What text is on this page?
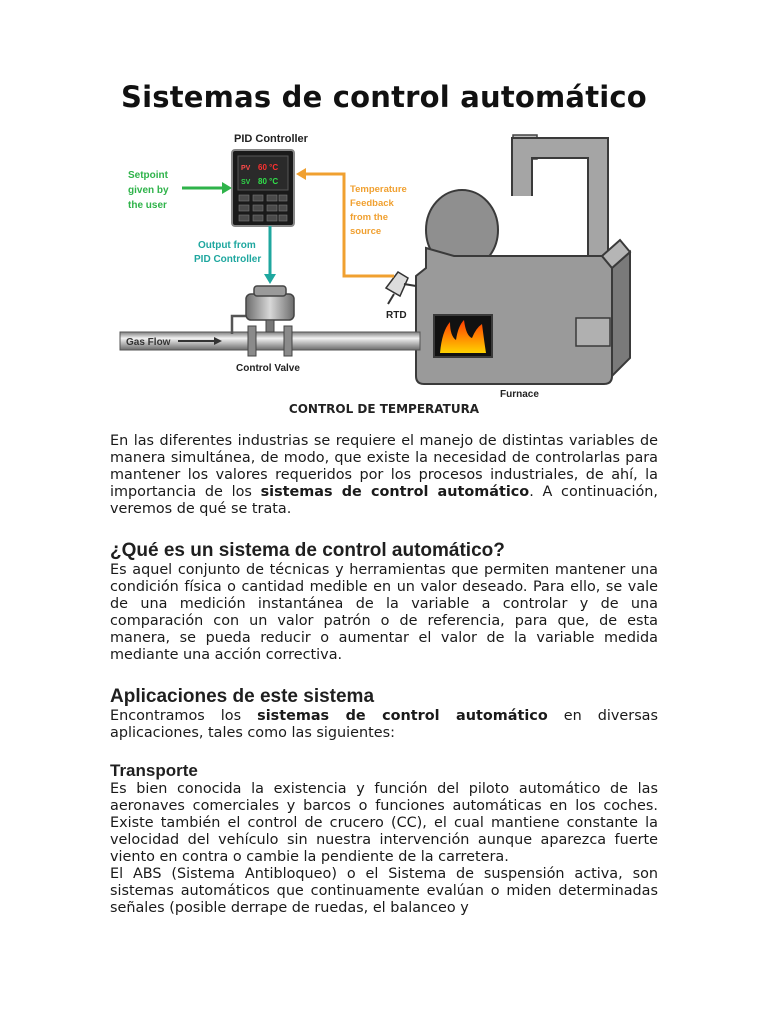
Sistemas de control automático
Furnace
Gas Flow
Control Valve
RTD
PID Controller
PV 60 °C
SV 80 °C
Setpoint given by the user
Output from PID Controller
Temperature Feedback from the source
CONTROL DE TEMPERATURA

En las diferentes industrias se requiere el manejo de distintas variables de manera simultánea, de modo, que existe la necesidad de controlarlas para mantener los valores requeridos por los procesos industriales, de ahí, la importancia de los sistemas de control automático. A continuación, veremos de qué se trata.

¿Qué es un sistema de control automático?

Es aquel conjunto de técnicas y herramientas que permiten mantener una condición física o cantidad medible en un valor deseado. Para ello, se vale de una medición instantánea de la variable a controlar y de una comparación con un valor patrón o de referencia, para que, de esta manera, se pueda reducir o aumentar el valor de la variable medida mediante una acción correctiva.

Aplicaciones de este sistema

Encontramos los sistemas de control automático en diversas aplicaciones, tales como las siguientes:

Transporte

Es bien conocida la existencia y función del piloto automático de las aeronaves comerciales y barcos o funciones automáticas en los coches. Existe también el control de crucero (CC), el cual mantiene constante la velocidad del vehículo sin nuestra intervención aunque aparezca fuerte viento en contra o cambie la pendiente de la carretera.

El ABS (Sistema Antibloqueo) o el Sistema de suspensión activa, son sistemas automáticos que continuamente evalúan o miden determinadas señales (posible derrape de ruedas, el balanceo y
